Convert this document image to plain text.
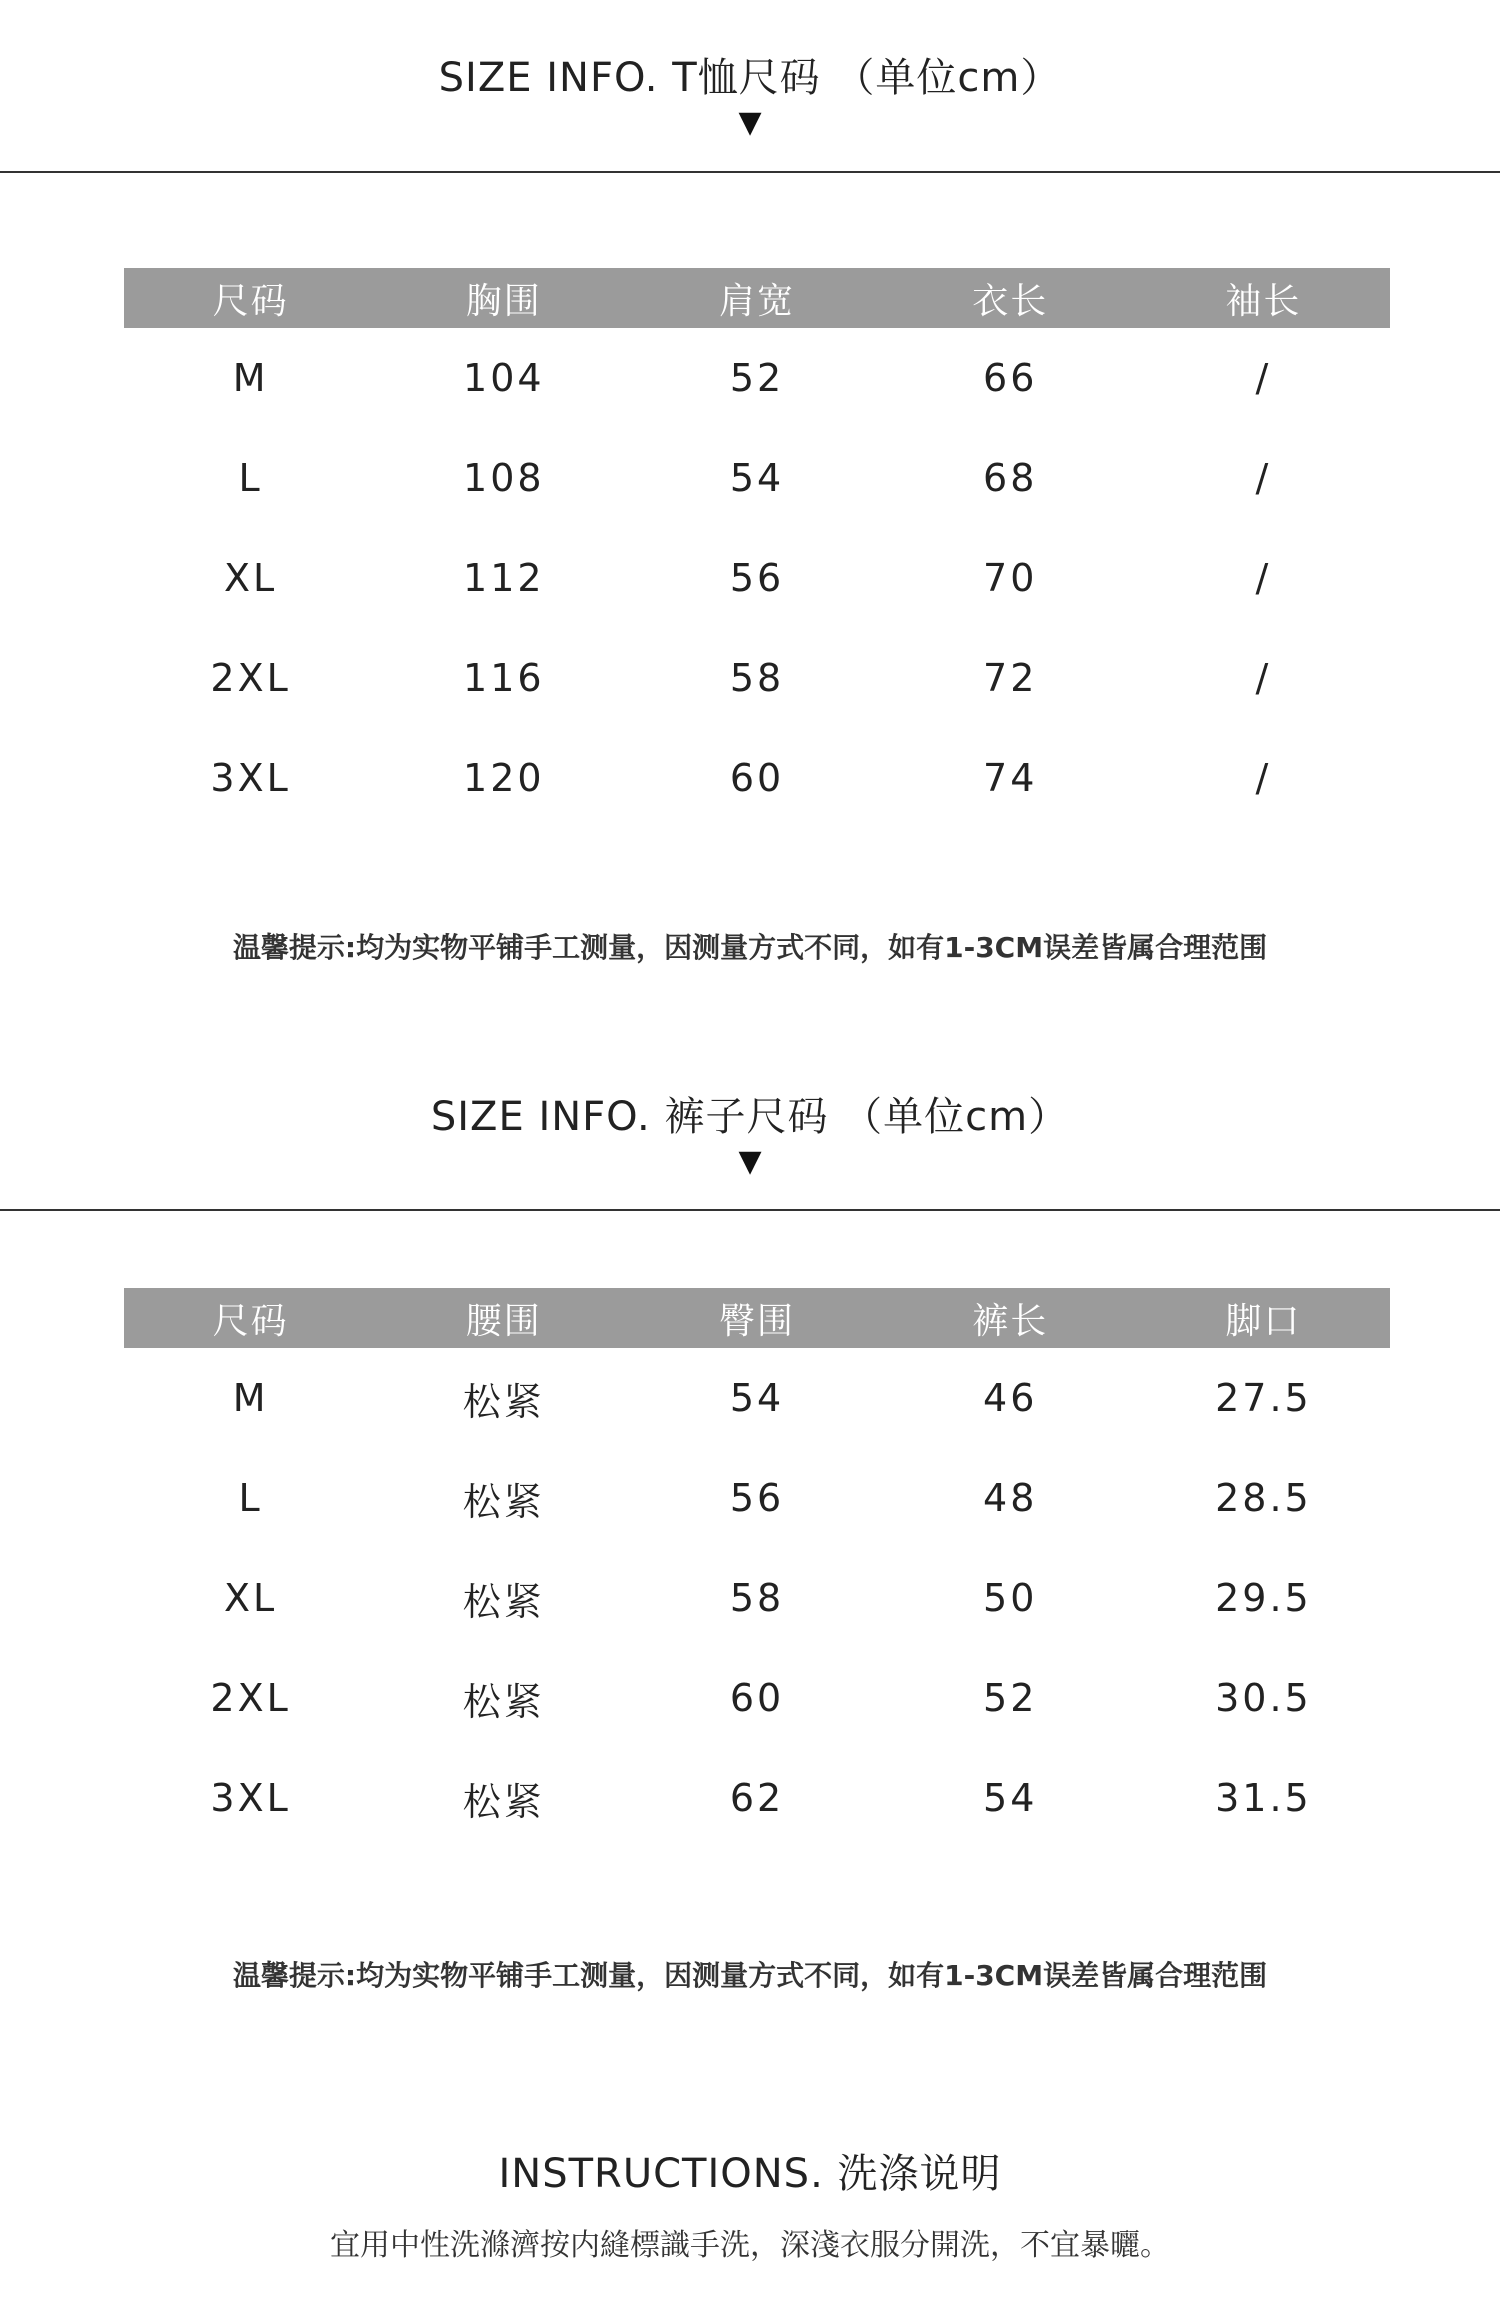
SIZE INFO. T恤尺码 （单位cm）
▼
尺码	胸围	肩宽	衣长	袖长
M	104	52	66	/
L	108	54	68	/
XL	112	56	70	/
2XL	116	58	72	/
3XL	120	60	74	/
温馨提示:均为实物平铺手工测量，因测量方式不同，如有1-3CM误差皆属合理范围
SIZE INFO. 裤子尺码 （单位cm）
▼
尺码	腰围	臀围	裤长	脚口
M	松紧	54	46	27.5
L	松紧	56	48	28.5
XL	松紧	58	50	29.5
2XL	松紧	60	52	30.5
3XL	松紧	62	54	31.5
温馨提示:均为实物平铺手工测量，因测量方式不同，如有1-3CM误差皆属合理范围
INSTRUCTIONS. 洗涤说明
宜用中性洗滌濟按内縫標識手洗，深淺衣服分開洗，不宜暴曬。
